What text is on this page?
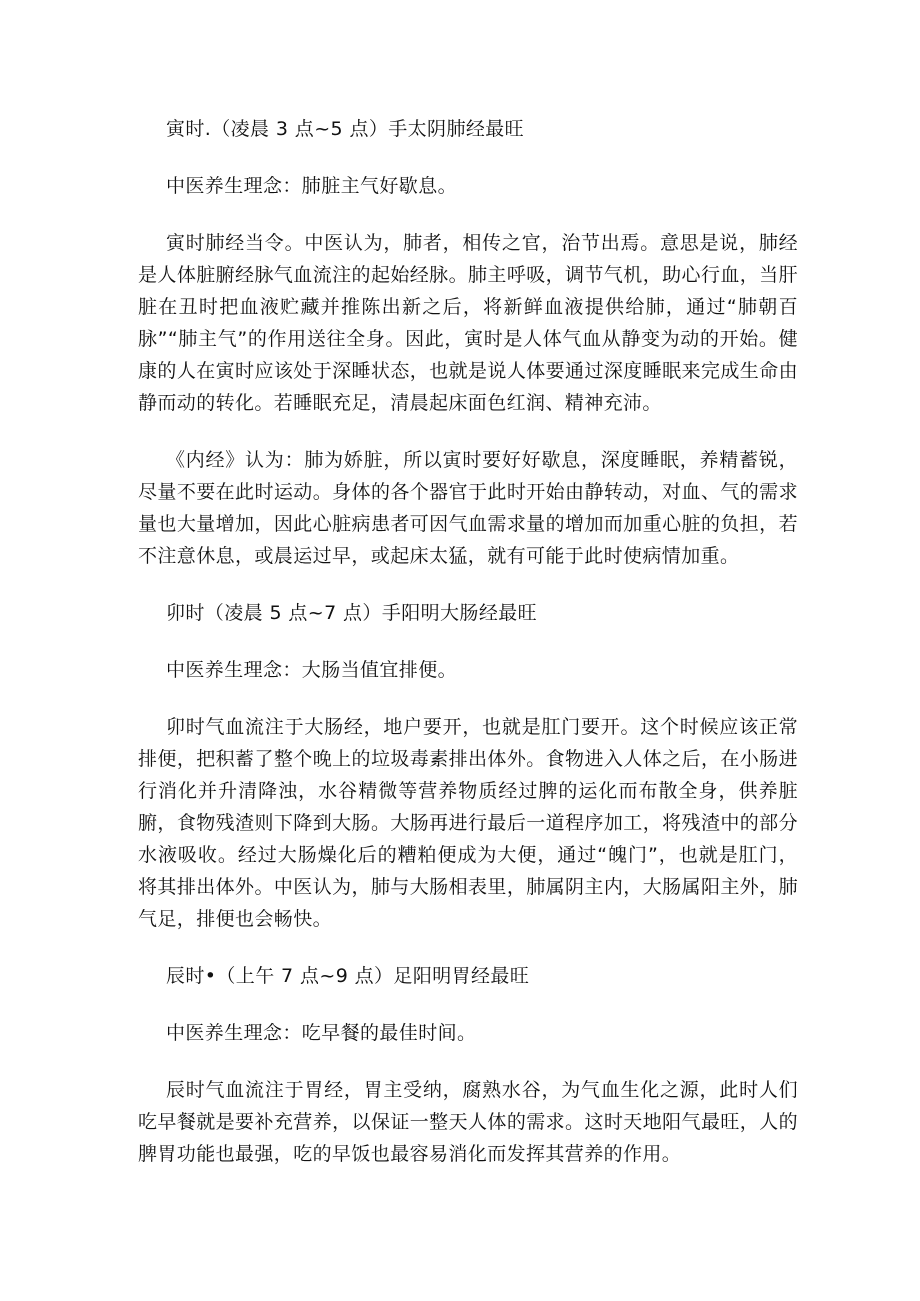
寅时.（凌晨 3 点~5 点）手太阴肺经最旺

中医养生理念：肺脏主气好歇息。

寅时肺经当令。中医认为，肺者，相传之官，治节出焉。意思是说，肺经是人体脏腑经脉气血流注的起始经脉。肺主呼吸，调节气机，助心行血，当肝脏在丑时把血液贮藏并推陈出新之后，将新鲜血液提供给肺，通过“肺朝百脉”“肺主气”的作用送往全身。因此，寅时是人体气血从静变为动的开始。健康的人在寅时应该处于深睡状态，也就是说人体要通过深度睡眠来完成生命由静而动的转化。若睡眠充足，清晨起床面色红润、精神充沛。

《内经》认为：肺为娇脏，所以寅时要好好歇息，深度睡眠，养精蓄锐，尽量不要在此时运动。身体的各个器官于此时开始由静转动，对血、气的需求量也大量增加，因此心脏病患者可因气血需求量的增加而加重心脏的负担，若不注意休息，或晨运过早，或起床太猛，就有可能于此时使病情加重。

卯时（凌晨 5 点~7 点）手阳明大肠经最旺

中医养生理念：大肠当值宜排便。

卯时气血流注于大肠经，地户要开，也就是肛门要开。这个时候应该正常排便，把积蓄了整个晚上的垃圾毒素排出体外。食物进入人体之后，在小肠进行消化并升清降浊，水谷精微等营养物质经过脾的运化而布散全身，供养脏腑，食物残渣则下降到大肠。大肠再进行最后一道程序加工，将残渣中的部分水液吸收。经过大肠燥化后的糟粕便成为大便，通过“魄门”，也就是肛门，将其排出体外。中医认为，肺与大肠相表里，肺属阴主内，大肠属阳主外，肺气足，排便也会畅快。

辰时•（上午 7 点~9 点）足阳明胃经最旺

中医养生理念：吃早餐的最佳时间。

辰时气血流注于胃经，胃主受纳，腐熟水谷，为气血生化之源，此时人们吃早餐就是要补充营养，以保证一整天人体的需求。这时天地阳气最旺，人的脾胃功能也最强，吃的早饭也最容易消化而发挥其营养的作用。
